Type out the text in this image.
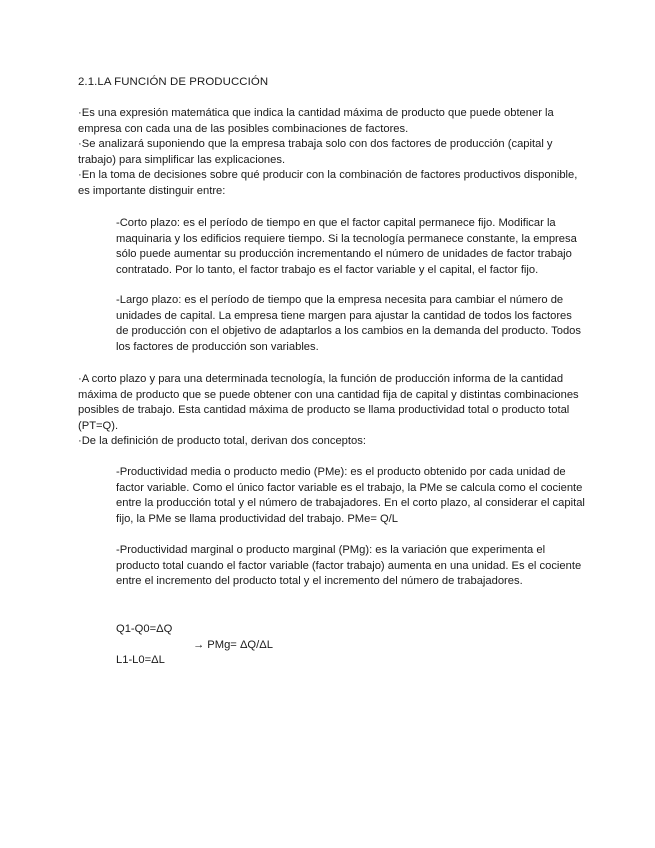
2.1.LA FUNCIÓN DE PRODUCCIÓN

·Es una expresión matemática que indica la cantidad máxima de producto que puede obtener la empresa con cada una de las posibles combinaciones de factores.

·Se analizará suponiendo que la empresa trabaja solo con dos factores de producción (capital y trabajo) para simplificar las explicaciones.

·En la toma de decisiones sobre qué producir con la combinación de factores productivos disponible, es importante distinguir entre:

-Corto plazo: es el período de tiempo en que el factor capital permanece fijo. Modificar la maquinaria y los edificios requiere tiempo. Si la tecnología permanece constante, la empresa sólo puede aumentar su producción incrementando el número de unidades de factor trabajo contratado. Por lo tanto, el factor trabajo es el factor variable y el capital, el factor fijo.

-Largo plazo: es el período de tiempo que la empresa necesita para cambiar el número de unidades de capital. La empresa tiene margen para ajustar la cantidad de todos los factores de producción con el objetivo de adaptarlos a los cambios en la demanda del producto. Todos los factores de producción son variables.

·A corto plazo y para una determinada tecnología, la función de producción informa de la cantidad máxima de producto que se puede obtener con una cantidad fija de capital y distintas combinaciones posibles de trabajo. Esta cantidad máxima de producto se llama productividad total o producto total (PT=Q).

·De la definición de producto total, derivan dos conceptos:

-Productividad media o producto medio (PMe): es el producto obtenido por cada unidad de factor variable. Como el único factor variable es el trabajo, la PMe se calcula como el cociente entre la producción total y el número de trabajadores. En el corto plazo, al considerar el capital fijo, la PMe se llama productividad del trabajo. PMe= Q/L

-Productividad marginal o producto marginal (PMg): es la variación que experimenta el producto total cuando el factor variable (factor trabajo) aumenta en una unidad. Es el cociente entre el incremento del producto total y el incremento del número de trabajadores.

Q1-Q0=ΔQ
→ PMg= ΔQ/ΔL
L1-L0=ΔL
